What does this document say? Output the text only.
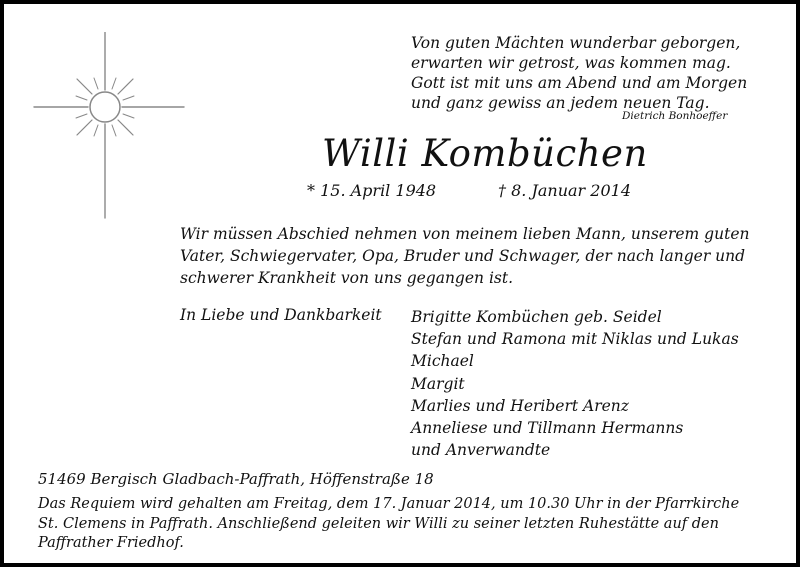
Von guten Mächten wunderbar geborgen,
erwarten wir getrost, was kommen mag.
Gott ist mit uns am Abend und am Morgen
und ganz gewiss an jedem neuen Tag.
Dietrich Bonhoeffer
Willi Kombüchen
* 15. April 1948	† 8. Januar 2014
Wir müssen Abschied nehmen von meinem lieben Mann, unserem guten
Vater, Schwiegervater, Opa, Bruder und Schwager, der nach langer und
schwerer Krankheit von uns gegangen ist.
In Liebe und Dankbarkeit Brigitte Kombüchen geb. Seidel
Stefan und Ramona mit Niklas und Lukas
Michael
Margit
Marlies und Heribert Arenz
Anneliese und Tillmann Hermanns
und Anverwandte
51469 Bergisch Gladbach-Paffrath, Höffenstraße 18
Das Requiem wird gehalten am Freitag, dem 17. Januar 2014, um 10.30 Uhr in der Pfarrkirche
St. Clemens in Paffrath. Anschließend geleiten wir Willi zu seiner letzten Ruhestätte auf den
Paffrather Friedhof.
